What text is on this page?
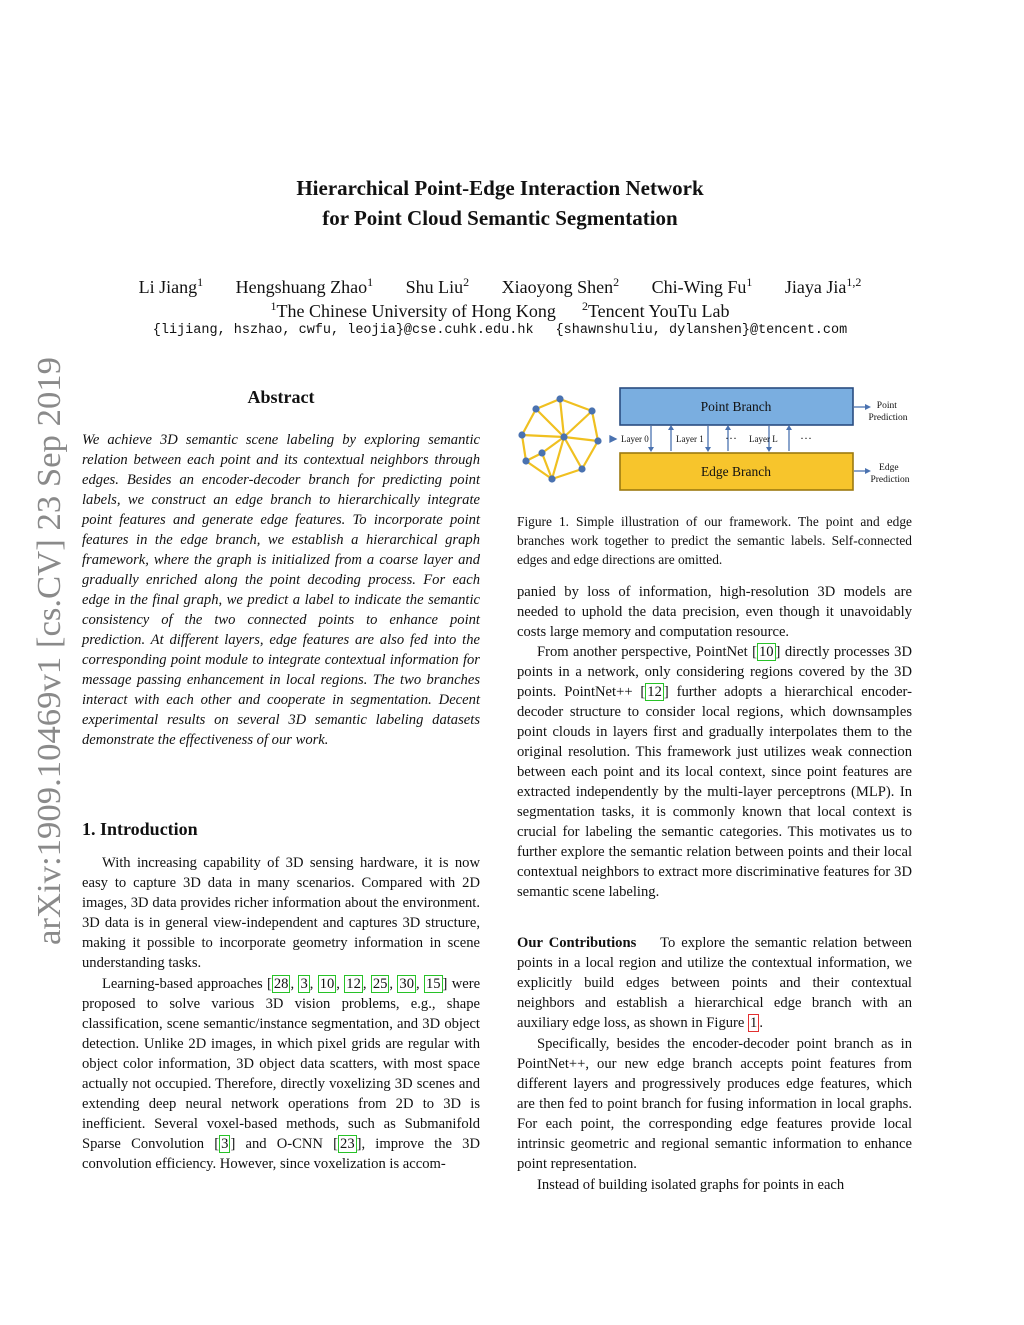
arXiv:1909.10469v1 [cs.CV] 23 Sep 2019
Hierarchical Point-Edge Interaction Network
for Point Cloud Semantic Segmentation
Li Jiang$^1$ Hengshuang Zhao$^1$ Shu Liu$^2$ Xiaoyong Shen$^2$ Chi-Wing Fu$^1$ Jiaya Jia$^{1,2}$
$^1$The Chinese University of Hong Kong $^2$Tencent YouTu Lab
{lijiang, hszhao, cwfu, leojia}@cse.cuhk.edu.hk {shawnshuliu, dylanshen}@tencent.com
Abstract
We achieve 3D semantic scene labeling by exploring semantic relation between each point and its contextual neighbors through edges. Besides an encoder-decoder branch for predicting point labels, we construct an edge branch to hierarchically integrate point features and generate edge features. To incorporate point features in the edge branch, we establish a hierarchical graph framework, where the graph is initialized from a coarse layer and gradually enriched along the point decoding process. For each edge in the final graph, we predict a label to indicate the semantic consistency of the two connected points to enhance point prediction. At different layers, edge features are also fed into the corresponding point module to integrate contextual information for message passing enhancement in local regions. The two branches interact with each other and cooperate in segmentation. Decent experimental results on several 3D semantic labeling datasets demonstrate the effectiveness of our work.
1. Introduction
With increasing capability of 3D sensing hardware, it is now easy to capture 3D data in many scenarios. Compared with 2D images, 3D data provides richer information about the environment. 3D data is in general view-independent and captures 3D structure, making it possible to incorporate geometry information in scene understanding tasks.
Learning-based approaches [ 28 , 3 , 10 , 12 , 25 , 30 , 15 ] were proposed to solve various 3D vision problems, e.g., shape classification, scene semantic/instance segmentation, and 3D object detection. Unlike 2D images, in which pixel grids are regular with object color information, 3D object data scatters, with most space actually not occupied. Therefore, directly voxelizing 3D scenes and extending deep neural network operations from 2D to 3D is inefficient. Several voxel-based methods, such as Submanifold Sparse Convolution [ 3 ] and O-CNN [ 23 ], improve the 3D convolution efficiency. However, since voxelization is accom-
Point Branch
Edge Branch
Layer 0	Layer 1 ··· Layer L ···
Point Prediction
Edge Prediction
Figure 1. Simple illustration of our framework. The point and edge branches work together to predict the semantic labels. Self-connected edges and edge directions are omitted.
panied by loss of information, high-resolution 3D models are needed to uphold the data precision, even though it unavoidably costs large memory and computation resource.
From another perspective, PointNet [ 10 ] directly processes 3D points in a network, only considering regions covered by the 3D points. PointNet++ [ 12 ] further adopts a hierarchical encoder-decoder structure to consider local regions, which downsamples point clouds in layers first and gradually interpolates them to the original resolution. This framework just utilizes weak connection between each point and its local context, since point features are extracted independently by the multi-layer perceptrons (MLP). In segmentation tasks, it is commonly known that local context is crucial for labeling the semantic categories. This motivates us to further explore the semantic relation between points and their local contextual neighbors to extract more discriminative features for 3D semantic scene labeling.
Our Contributions To explore the semantic relation between points in a local region and utilize the contextual information, we explicitly build edges between points and their contextual neighbors and establish a hierarchical edge branch with an auxiliary edge loss, as shown in Figure 1 .
Specifically, besides the encoder-decoder point branch as in PointNet++, our new edge branch accepts point features from different layers and progressively produces edge features, which are then fed to point branch for fusing information in local graphs. For each point, the corresponding edge features provide local intrinsic geometric and regional semantic information to enhance point representation.
Instead of building isolated graphs for points in each
